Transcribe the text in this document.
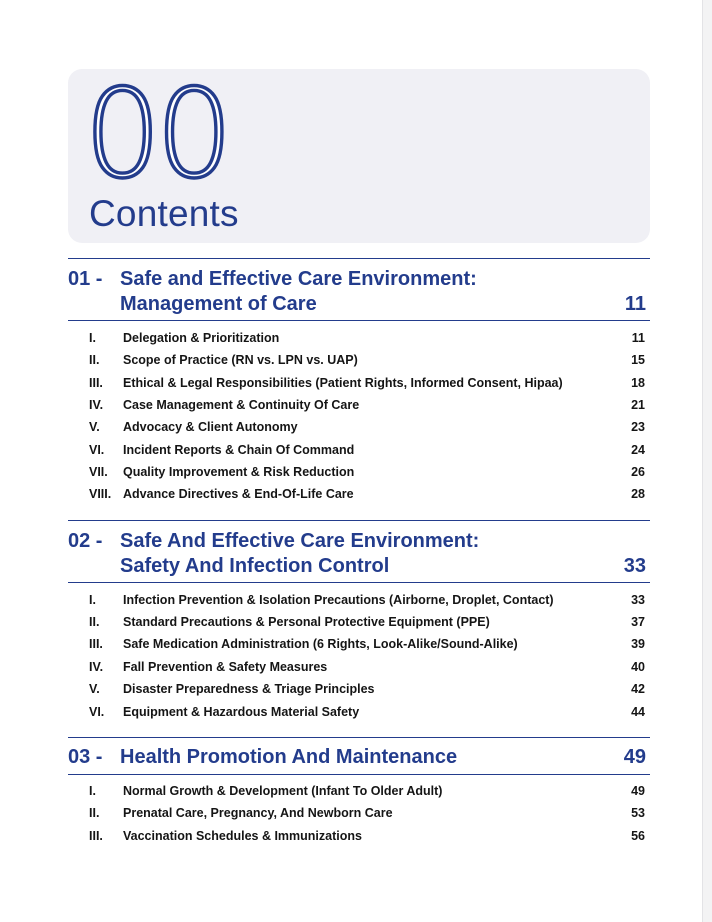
00
Contents
01 - Safe and Effective Care Environment:
Management of Care	11
I. Delegation & Prioritization	11
II. Scope of Practice (RN vs. LPN vs. UAP)	15
III. Ethical & Legal Responsibilities (Patient Rights, Informed Consent, Hipaa)	18
IV. Case Management & Continuity Of Care	21
V. Advocacy & Client Autonomy	23
VI. Incident Reports & Chain Of Command	24
VII. Quality Improvement & Risk Reduction	26
VIII. Advance Directives & End-Of-Life Care	28
02 - Safe And Effective Care Environment:
Safety And Infection Control	33
I. Infection Prevention & Isolation Precautions (Airborne, Droplet, Contact)	33
II. Standard Precautions & Personal Protective Equipment (PPE)	37
III. Safe Medication Administration (6 Rights, Look-Alike/Sound-Alike)	39
IV. Fall Prevention & Safety Measures	40
V. Disaster Preparedness & Triage Principles	42
VI. Equipment & Hazardous Material Safety	44
03 - Health Promotion And Maintenance	49
I. Normal Growth & Development (Infant To Older Adult)	49
II. Prenatal Care, Pregnancy, And Newborn Care	53
III. Vaccination Schedules & Immunizations	56
